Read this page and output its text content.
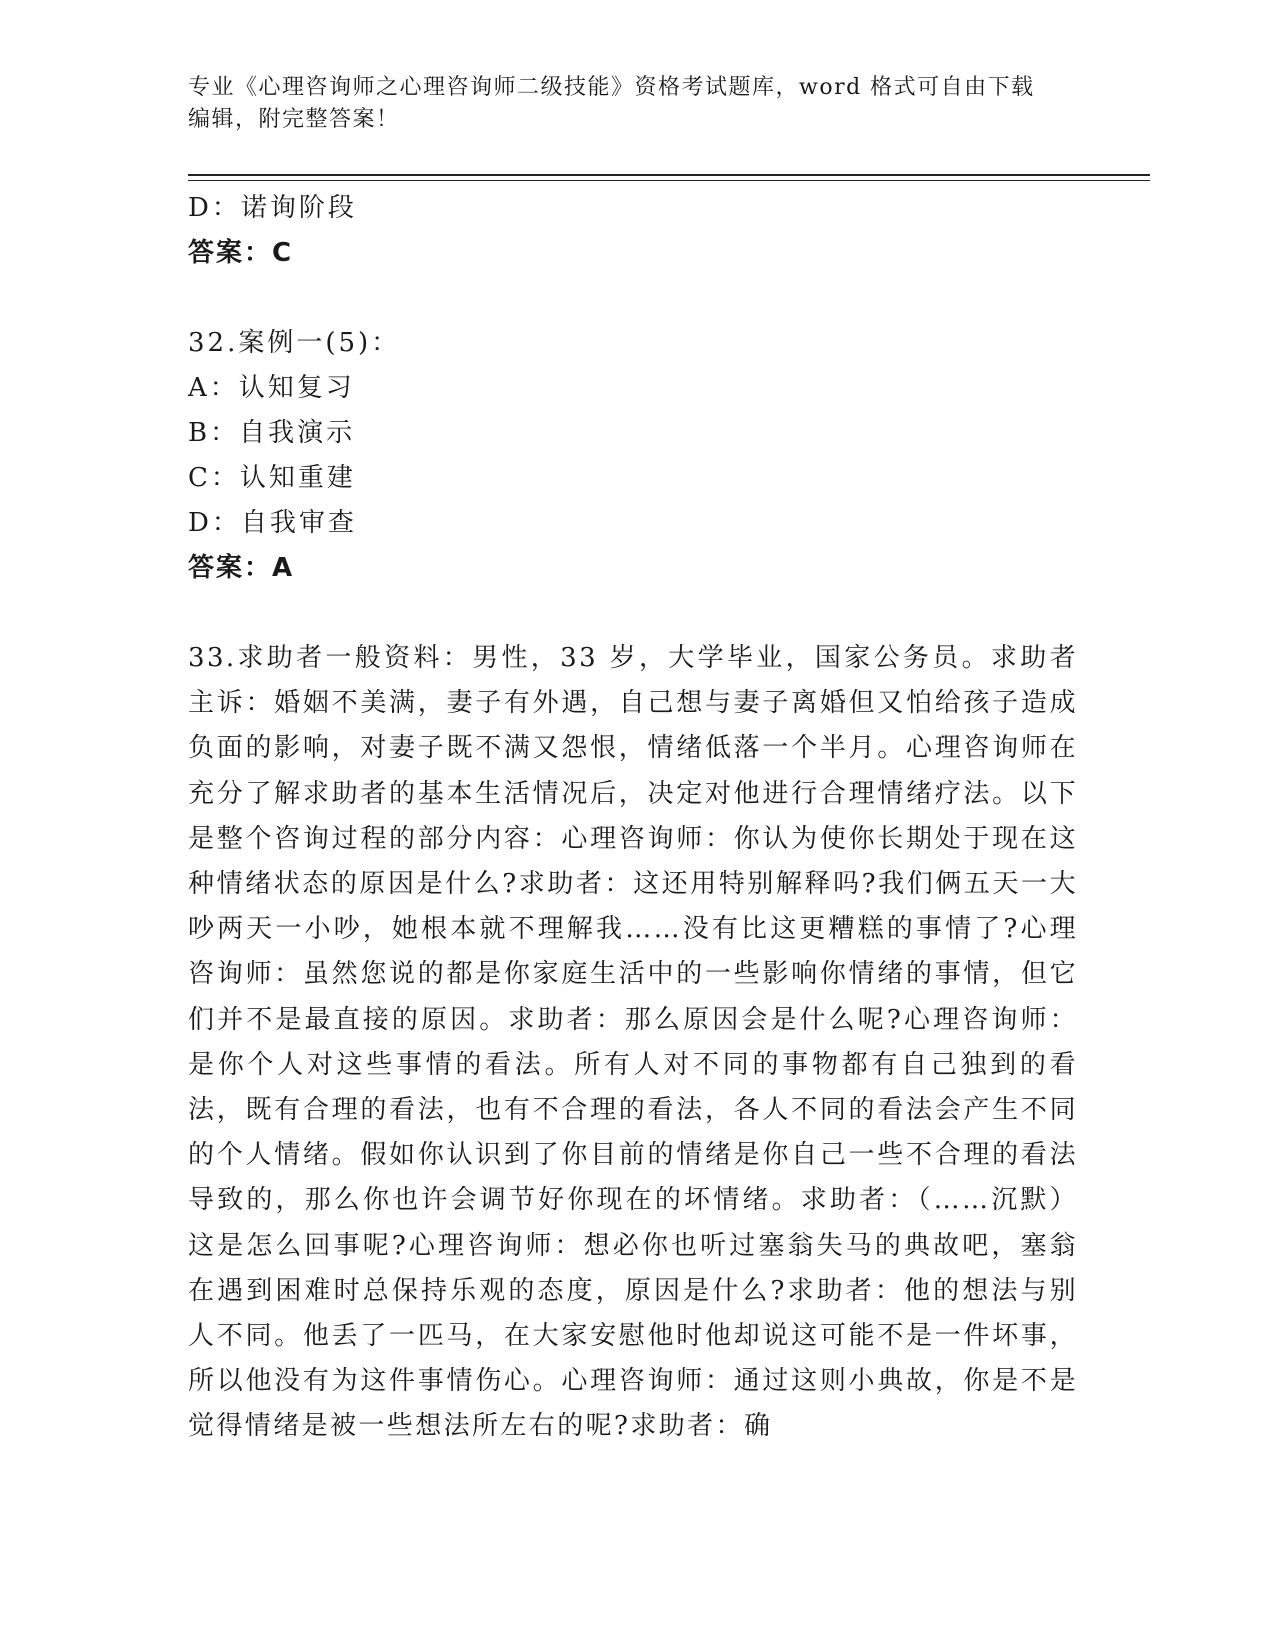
专业《心理咨询师之心理咨询师二级技能》资格考试题库，word 格式可自由下载
编辑，附完整答案！
D：诺询阶段
答案：C
32.案例一(5)：
A：认知复习
B：自我演示
C：认知重建
D：自我审查
答案：A
33.求助者一般资料：男性，33 岁，大学毕业，国家公务员。求助者主诉：婚姻不美满，妻子有外遇，自己想与妻子离婚但又怕给孩子造成负面的影响，对妻子既不满又怨恨，情绪低落一个半月。心理咨询师在充分了解求助者的基本生活情况后，决定对他进行合理情绪疗法。以下是整个咨询过程的部分内容：心理咨询师：你认为使你长期处于现在这种情绪状态的原因是什么?求助者：这还用特别解释吗?我们俩五天一大吵两天一小吵，她根本就不理解我……没有比这更糟糕的事情了?心理咨询师：虽然您说的都是你家庭生活中的一些影响你情绪的事情，但它们并不是最直接的原因。求助者：那么原因会是什么呢?心理咨询师：是你个人对这些事情的看法。所有人对不同的事物都有自己独到的看法，既有合理的看法，也有不合理的看法，各人不同的看法会产生不同的个人情绪。假如你认识到了你目前的情绪是你自己一些不合理的看法导致的，那么你也许会调节好你现在的坏情绪。求助者：（……沉默）这是怎么回事呢?心理咨询师：想必你也听过塞翁失马的典故吧，塞翁在遇到困难时总保持乐观的态度，原因是什么?求助者：他的想法与别人不同。他丢了一匹马，在大家安慰他时他却说这可能不是一件坏事，所以他没有为这件事情伤心。心理咨询师：通过这则小典故，你是不是觉得情绪是被一些想法所左右的呢?求助者：确
